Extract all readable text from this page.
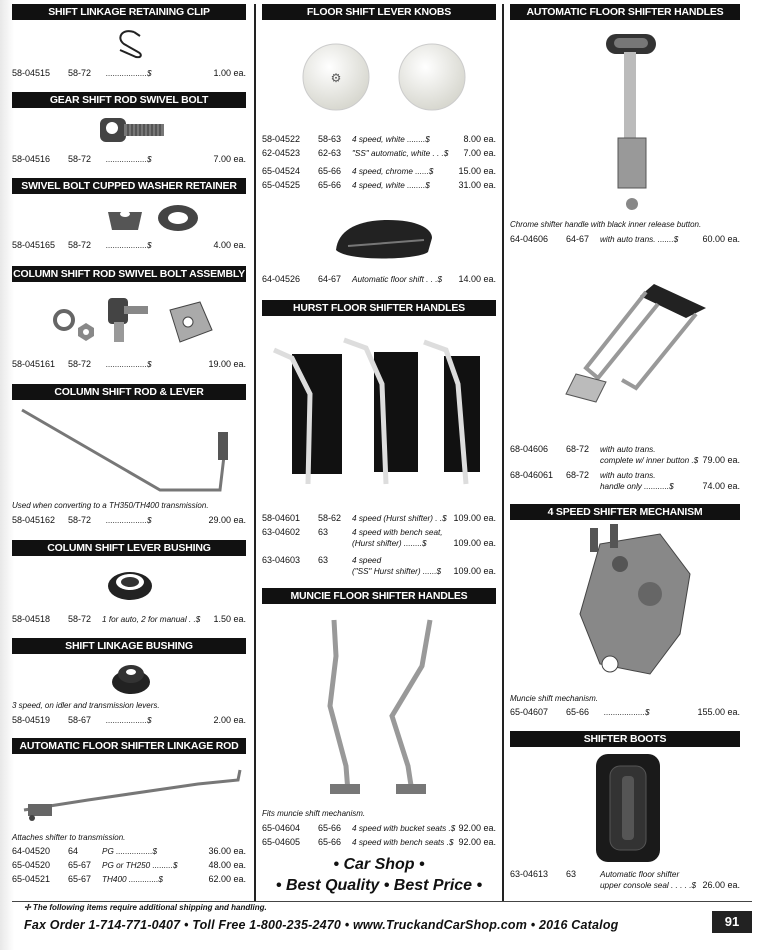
SHIFT LINKAGE RETAINING CLIP
58-04515 58-72 ..................$	1.00 ea.
GEAR SHIFT ROD SWIVEL BOLT
58-04516 58-72 ..................$	7.00 ea.
SWIVEL BOLT CUPPED WASHER RETAINER
58-045165 58-72 ..................$	4.00 ea.
COLUMN SHIFT ROD SWIVEL BOLT ASSEMBLY
58-045161 58-72 ..................$	19.00 ea.
COLUMN SHIFT ROD & LEVER
Used when converting to a TH350/TH400 transmission.
58-045162 58-72 ..................$	29.00 ea.
COLUMN SHIFT LEVER BUSHING
58-04518 58-72 1 for auto, 2 for manual . .$ 1.50 ea.
SHIFT LINKAGE BUSHING
3 speed, on idler and transmission levers.
58-04519 58-67 ..................$	2.00 ea.
AUTOMATIC FLOOR SHIFTER LINKAGE ROD
Attaches shifter to transmission.
64-04520 64	PG ................$	36.00 ea.
65-04520 65-67 PG or TH250 .........$	48.00 ea.
65-04521 65-67 TH400 .............$	62.00 ea.
FLOOR SHIFT LEVER KNOBS
⚙
58-04522 58-63 4 speed, white ........$	8.00 ea.
62-04523 62-63 "SS" automatic, white . . .$ 7.00 ea.
65-04524 65-66 4 speed, chrome ......$	15.00 ea.
65-04525 65-66 4 speed, white ........$	31.00 ea.
64-04526 64-67 Automatic floor shift . . .$ 14.00 ea.
HURST FLOOR SHIFTER HANDLES
58-04601 58-62 4 speed (Hurst shifter) . .$ 109.00 ea.
63-04602 63	4 speed with bench seat,
(Hurst shifter) ........$	109.00 ea.
63-04603 63	4 speed
("SS" Hurst shifter) ......$ 109.00 ea.
MUNCIE FLOOR SHIFTER HANDLES
Fits muncie shift mechanism.
65-04604 65-66 4 speed with bucket seats .$ 92.00 ea.
65-04605 65-66 4 speed with bench seats .$ 92.00 ea.
• Car Shop •
• Best Quality • Best Price •
AUTOMATIC FLOOR SHIFTER HANDLES
Chrome shifter handle with black inner release button.
64-04606 64-67 with auto trans. .......$	60.00 ea.
68-04606 68-72 with auto trans.
complete w/ inner button .$ 79.00 ea.
68-046061 68-72 with auto trans.
handle only ...........$	74.00 ea.
4 SPEED SHIFTER MECHANISM
Muncie shift mechanism.
65-04607 65-66 ..................$	155.00 ea.
SHIFTER BOOTS
63-04613 63	Automatic floor shifter
upper console seal . . . . .$ 26.00 ea.
✢ The following items require additional shipping and handling.
Fax Order 1-714-771-0407 • Toll Free 1-800-235-2470 • www.TruckandCarShop.com • 2016 Catalog	91
